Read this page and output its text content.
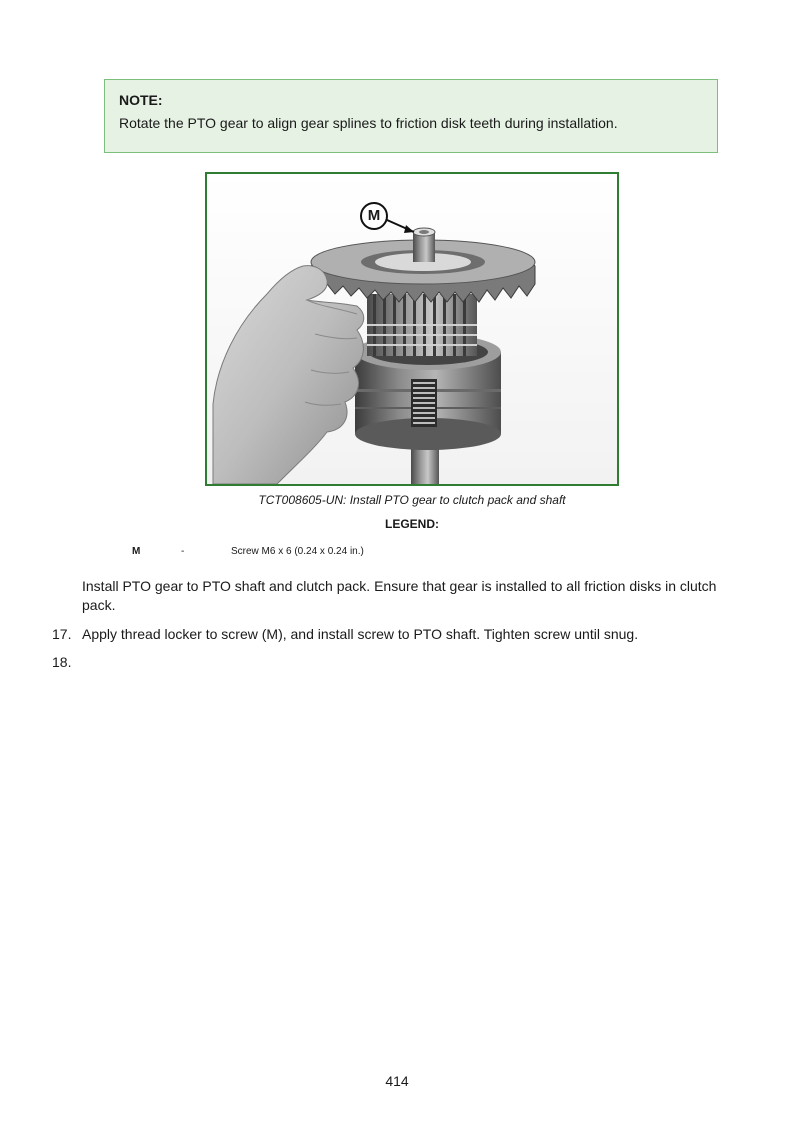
NOTE:
Rotate the PTO gear to align gear splines to friction disk teeth during installation.
M
TCT008605-UN: Install PTO gear to clutch pack and shaft
LEGEND:
M	-	Screw M6 x 6 (0.24 x 0.24 in.)
Install PTO gear to PTO shaft and clutch pack. Ensure that gear is installed to all friction disks in clutch pack.
17. Apply thread locker to screw (M), and install screw to PTO shaft. Tighten screw until snug.
18.
414
